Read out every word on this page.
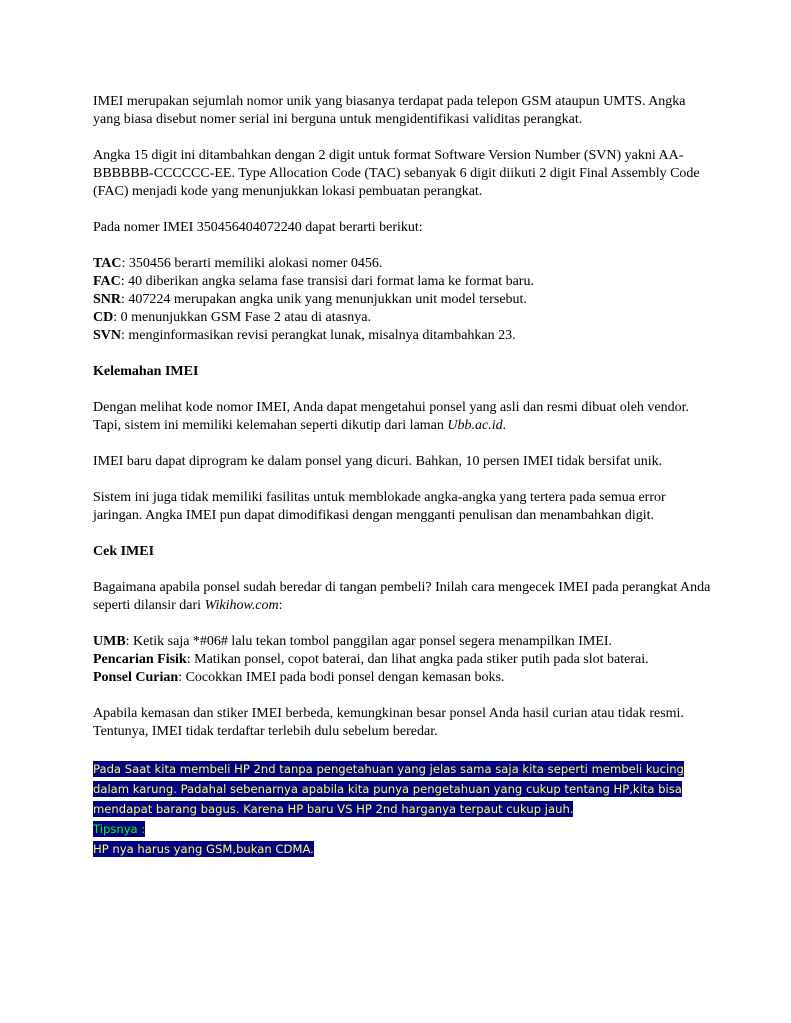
IMEI merupakan sejumlah nomor unik yang biasanya terdapat pada telepon GSM ataupun UMTS. Angka yang biasa disebut nomer serial ini berguna untuk mengidentifikasi validitas perangkat.

Angka 15 digit ini ditambahkan dengan 2 digit untuk format Software Version Number (SVN) yakni AA-BBBBBB-CCCCCC-EE. Type Allocation Code (TAC) sebanyak 6 digit diikuti 2 digit Final Assembly Code (FAC) menjadi kode yang menunjukkan lokasi pembuatan perangkat.

Pada nomer IMEI 350456404072240 dapat berarti berikut:

TAC: 350456 berarti memiliki alokasi nomer 0456.

FAC: 40 diberikan angka selama fase transisi dari format lama ke format baru.

SNR: 407224 merupakan angka unik yang menunjukkan unit model tersebut.

CD: 0 menunjukkan GSM Fase 2 atau di atasnya.

SVN: menginformasikan revisi perangkat lunak, misalnya ditambahkan 23.

Kelemahan IMEI

Dengan melihat kode nomor IMEI, Anda dapat mengetahui ponsel yang asli dan resmi dibuat oleh vendor. Tapi, sistem ini memiliki kelemahan seperti dikutip dari laman Ubb.ac.id.

IMEI baru dapat diprogram ke dalam ponsel yang dicuri. Bahkan, 10 persen IMEI tidak bersifat unik.

Sistem ini juga tidak memiliki fasilitas untuk memblokade angka-angka yang tertera pada semua error jaringan. Angka IMEI pun dapat dimodifikasi dengan mengganti penulisan dan menambahkan digit.

Cek IMEI

Bagaimana apabila ponsel sudah beredar di tangan pembeli? Inilah cara mengecek IMEI pada perangkat Anda seperti dilansir dari Wikihow.com:

UMB: Ketik saja *#06# lalu tekan tombol panggilan agar ponsel segera menampilkan IMEI.

Pencarian Fisik: Matikan ponsel, copot baterai, dan lihat angka pada stiker putih pada slot baterai.

Ponsel Curian: Cocokkan IMEI pada bodi ponsel dengan kemasan boks.

Apabila kemasan dan stiker IMEI berbeda, kemungkinan besar ponsel Anda hasil curian atau tidak resmi. Tentunya, IMEI tidak terdaftar terlebih dulu sebelum beredar.

Pada Saat kita membeli HP 2nd tanpa pengetahuan yang jelas sama saja kita seperti membeli kucing
dalam karung. Padahal sebenarnya apabila kita punya pengetahuan yang cukup tentang HP,kita bisa
mendapat barang bagus. Karena HP baru VS HP 2nd harganya terpaut cukup jauh.
Tipsnya :
HP nya harus yang GSM,bukan CDMA.
